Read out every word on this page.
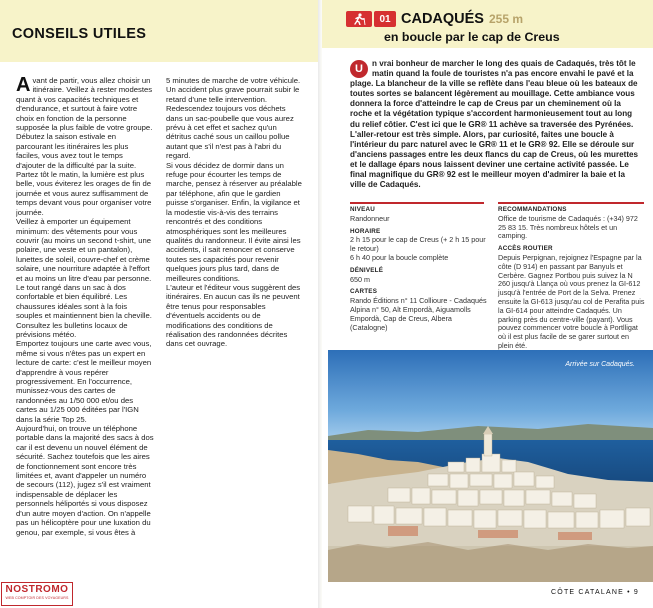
CONSEILS UTILES
Avant de partir, vous allez choisir un itinéraire. Veillez à rester modestes quant à vos capacités techniques et d'endurance, et surtout à faire votre choix en fonction de la personne supposée la plus faible de votre groupe. Débutez la saison estivale en parcourant les itinéraires les plus faciles, vous avez tout le temps d'ajouter de la difficulté par la suite. Partez tôt le matin, la lumière est plus belle, vous éviterez les orages de fin de journée et vous aurez suffisamment de temps devant vous pour organiser votre journée.
Veillez à emporter un équipement minimum: des vêtements pour vous couvrir (au moins un second t-shirt, une polaire, une veste et un pantalon), lunettes de soleil, couvre-chef et crème solaire, une nourriture adaptée à l'effort et au moins un litre d'eau par personne. Le tout rangé dans un sac à dos confortable et bien équilibré. Les chaussures idéales sont à la fois souples et maintiennent bien la cheville.
Consultez les bulletins locaux de prévisions météo.
Emportez toujours une carte avec vous, même si vous n'êtes pas un expert en lecture de carte: c'est le meilleur moyen d'apprendre à vous repérer progressivement. En l'occurrence, munissez-vous des cartes de randonnées au 1/50 000 et/ou des cartes au 1/25 000 éditées par l'IGN dans la série Top 25.
Aujourd'hui, on trouve un téléphone portable dans la majorité des sacs à dos car il est devenu un nouvel élément de sécurité. Sachez toutefois que les aires de fonctionnement sont encore très limitées et, avant d'appeler un numéro de secours (112), jugez s'il est vraiment indispensable de déplacer les personnels héliportés si vous disposez d'un autre moyen d'action. On n'appelle pas un hélicoptère pour une luxation du genou, par exemple, si vous êtes à
5 minutes de marche de votre véhicule. Un accident plus grave pourrait subir le retard d'une telle intervention. Redescendez toujours vos déchets dans un sac-poubelle que vous aurez prévu à cet effet et sachez qu'un détritus caché sous un caillou pollue autant que s'il n'est pas à l'abri du regard.
Si vous décidez de dormir dans un refuge pour écourter les temps de marche, pensez à réserver au préalable par téléphone, afin que le gardien puisse s'organiser. Enfin, la vigilance et la modestie vis-à-vis des terrains rencontrés et des conditions atmosphériques sont les meilleures qualités du randonneur. Il évite ainsi les accidents, il sait renoncer et conserve toutes ses capacités pour revenir quelques jours plus tard, dans de meilleures conditions.
L'auteur et l'éditeur vous suggèrent des itinéraires. En aucun cas ils ne peuvent être tenus pour responsables d'éventuels accidents ou de modifications des conditions de réalisation des randonnées décrites dans cet ouvrage.
NOSTROMO
WEB COMPTOIR DES VOYAGEURS
01 CADAQUÉS 255 m
en boucle par le cap de Creus
U	n vrai bonheur de marcher le long des quais de Cadaqués, très tôt le matin quand la foule de touristes n'a pas encore envahi le pavé et la plage. La blancheur de la ville se reflète dans l'eau bleue où les bateaux de toutes sortes se balancent légèrement au mouillage. Cette ambiance vous donnera la force d'atteindre le cap de Creus par un cheminement où la roche et la végétation typique s'accordent harmonieusement tout au long du relief côtier. C'est ici que le GR® 11 achève sa traversée des Pyrénées. L'aller-retour est très simple. Alors, par curiosité, faites une boucle à l'intérieur du parc naturel avec le GR® 11 et le GR® 92. Elle se déroule sur d'anciens passages entre les deux flancs du cap de Creus, où les murettes et le dallage épars nous laissent deviner une certaine activité passée. Le final magnifique du GR® 92 est le meilleur moyen d'admirer la baie et la ville de Cadaqués.
NIVEAU
Randonneur
HORAIRE
2 h 15 pour le cap de Creus (+ 2 h 15 pour le retour)
6 h 40 pour la boucle complète
DÉNIVELÉ
650 m
CARTES
Rando Éditions n° 11 Collioure - Cadaqués Alpina n° 50, Alt Empordà, Aiguamolls Empordà, Cap de Creus, Albera (Catalogne)
RECOMMANDATIONS
Office de tourisme de Cadaqués : (+34) 972 25 83 15. Très nombreux hôtels et un camping.
ACCÈS ROUTIER
Depuis Perpignan, rejoignez l'Espagne par la côte (D 914) en passant par Banyuls et Cerbère. Gagnez Portbou puis suivez la N 260 jusqu'à Llança où vous prenez la GI-612 jusqu'à l'entrée de Port de la Selva. Prenez ensuite la GI-613 jusqu'au col de Perafita puis la GI-614 pour atteindre Cadaqués. Un parking près du centre-ville (payant). Vous pouvez commencer votre boucle à Portlligat où il est plus facile de se garer surtout en plein été.
Arrivée sur Cadaqués.
CÔTE CATALANE • 9
